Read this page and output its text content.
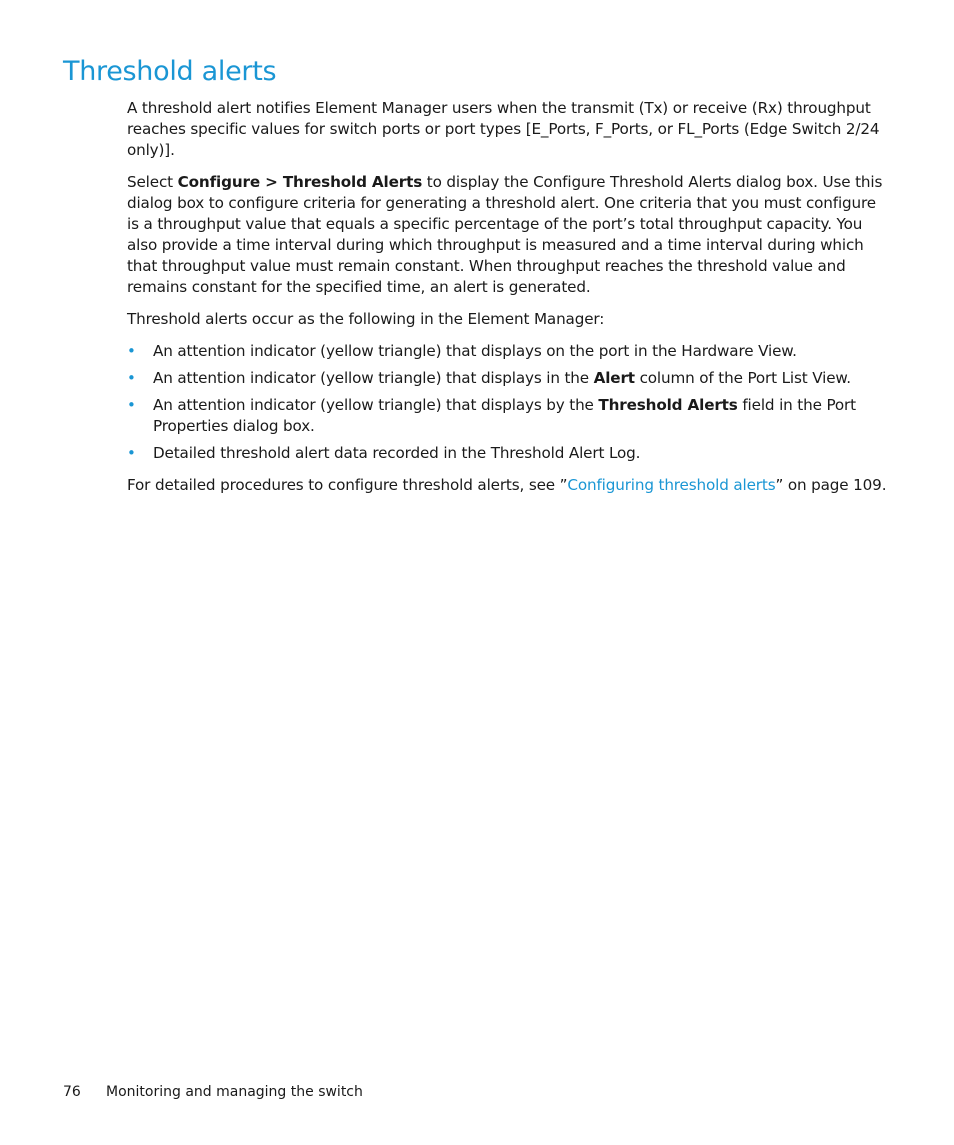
Threshold alerts

A threshold alert notifies Element Manager users when the transmit (Tx) or receive (Rx) throughput reaches specific values for switch ports or port types [E_Ports, F_Ports, or FL_Ports (Edge Switch 2/24 only)].

Select Configure > Threshold Alerts to display the Configure Threshold Alerts dialog box. Use this dialog box to configure criteria for generating a threshold alert. One criteria that you must configure is a throughput value that equals a specific percentage of the port’s total throughput capacity. You also provide a time interval during which throughput is measured and a time interval during which that throughput value must remain constant. When throughput reaches the threshold value and remains constant for the specified time, an alert is generated.

Threshold alerts occur as the following in the Element Manager:

• An attention indicator (yellow triangle) that displays on the port in the Hardware View.
• An attention indicator (yellow triangle) that displays in the Alert column of the Port List View.
• An attention indicator (yellow triangle) that displays by the Threshold Alerts field in the Port Properties dialog box.
• Detailed threshold alert data recorded in the Threshold Alert Log.

For detailed procedures to configure threshold alerts, see ”Configuring threshold alerts” on page 109.

76 Monitoring and managing the switch
